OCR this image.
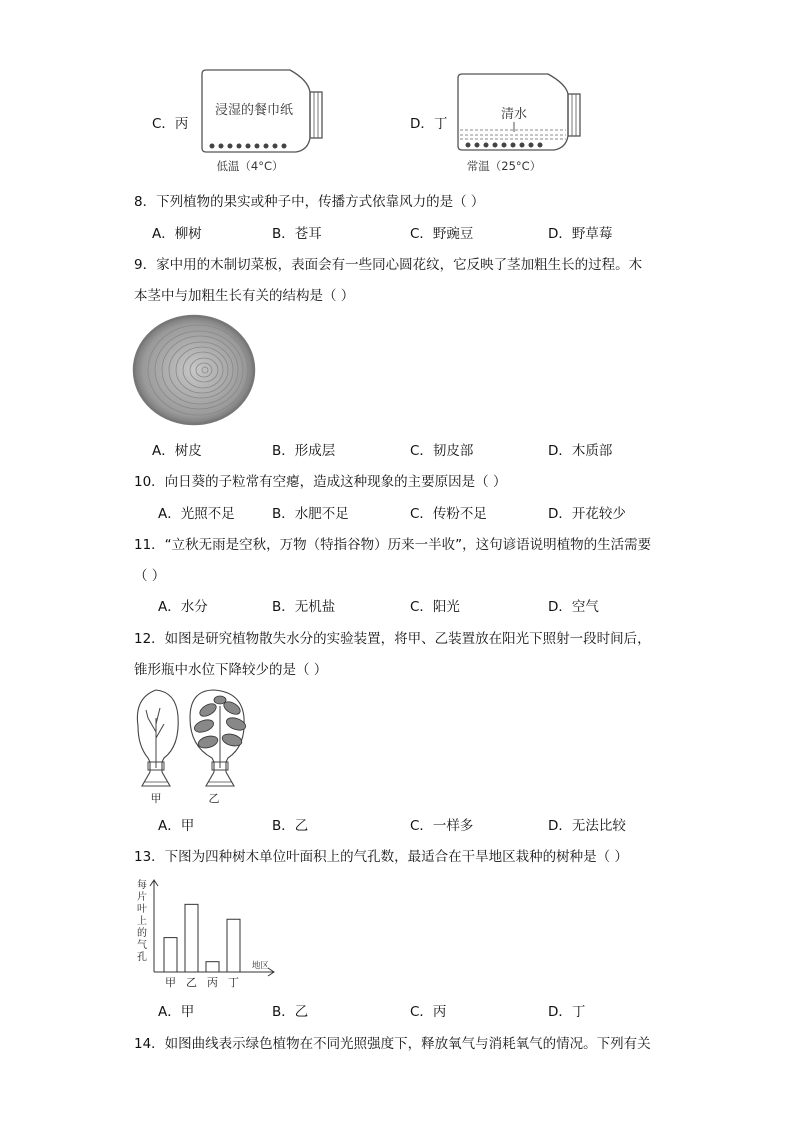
C．丙
浸湿的餐巾纸
低温（4°C）
D．丁
清水
常温（25°C）
8．下列植物的果实或种子中，传播方式依靠风力的是（ ）
A．柳树	B．苍耳	C．野豌豆	D．野草莓
9．家中用的木制切菜板，表面会有一些同心圆花纹，它反映了茎加粗生长的过程。木
本茎中与加粗生长有关的结构是（ ）
A．树皮	B．形成层	C．韧皮部	D．木质部
10．向日葵的子粒常有空瘪，造成这种现象的主要原因是（ ）
A．光照不足	B．水肥不足	C．传粉不足	D．开花较少
11．“立秋无雨是空秋，万物（特指谷物）历来一半收”，这句谚语说明植物的生活需要
（ ）
A．水分	B．无机盐	C．阳光	D．空气
12．如图是研究植物散失水分的实验装置，将甲、乙装置放在阳光下照射一段时间后，
锥形瓶中水位下降较少的是（ ）
甲	乙
A．甲	B．乙	C．一样多	D．无法比较
13．下图为四种树木单位叶面积上的气孔数，最适合在干旱地区栽种的树种是（ ）
每
片
叶
上
的
气
孔
地区
甲 乙 丙 丁
A．甲	B．乙	C．丙	D．丁
14．如图曲线表示绿色植物在不同光照强度下，释放氧气与消耗氧气的情况。下列有关
